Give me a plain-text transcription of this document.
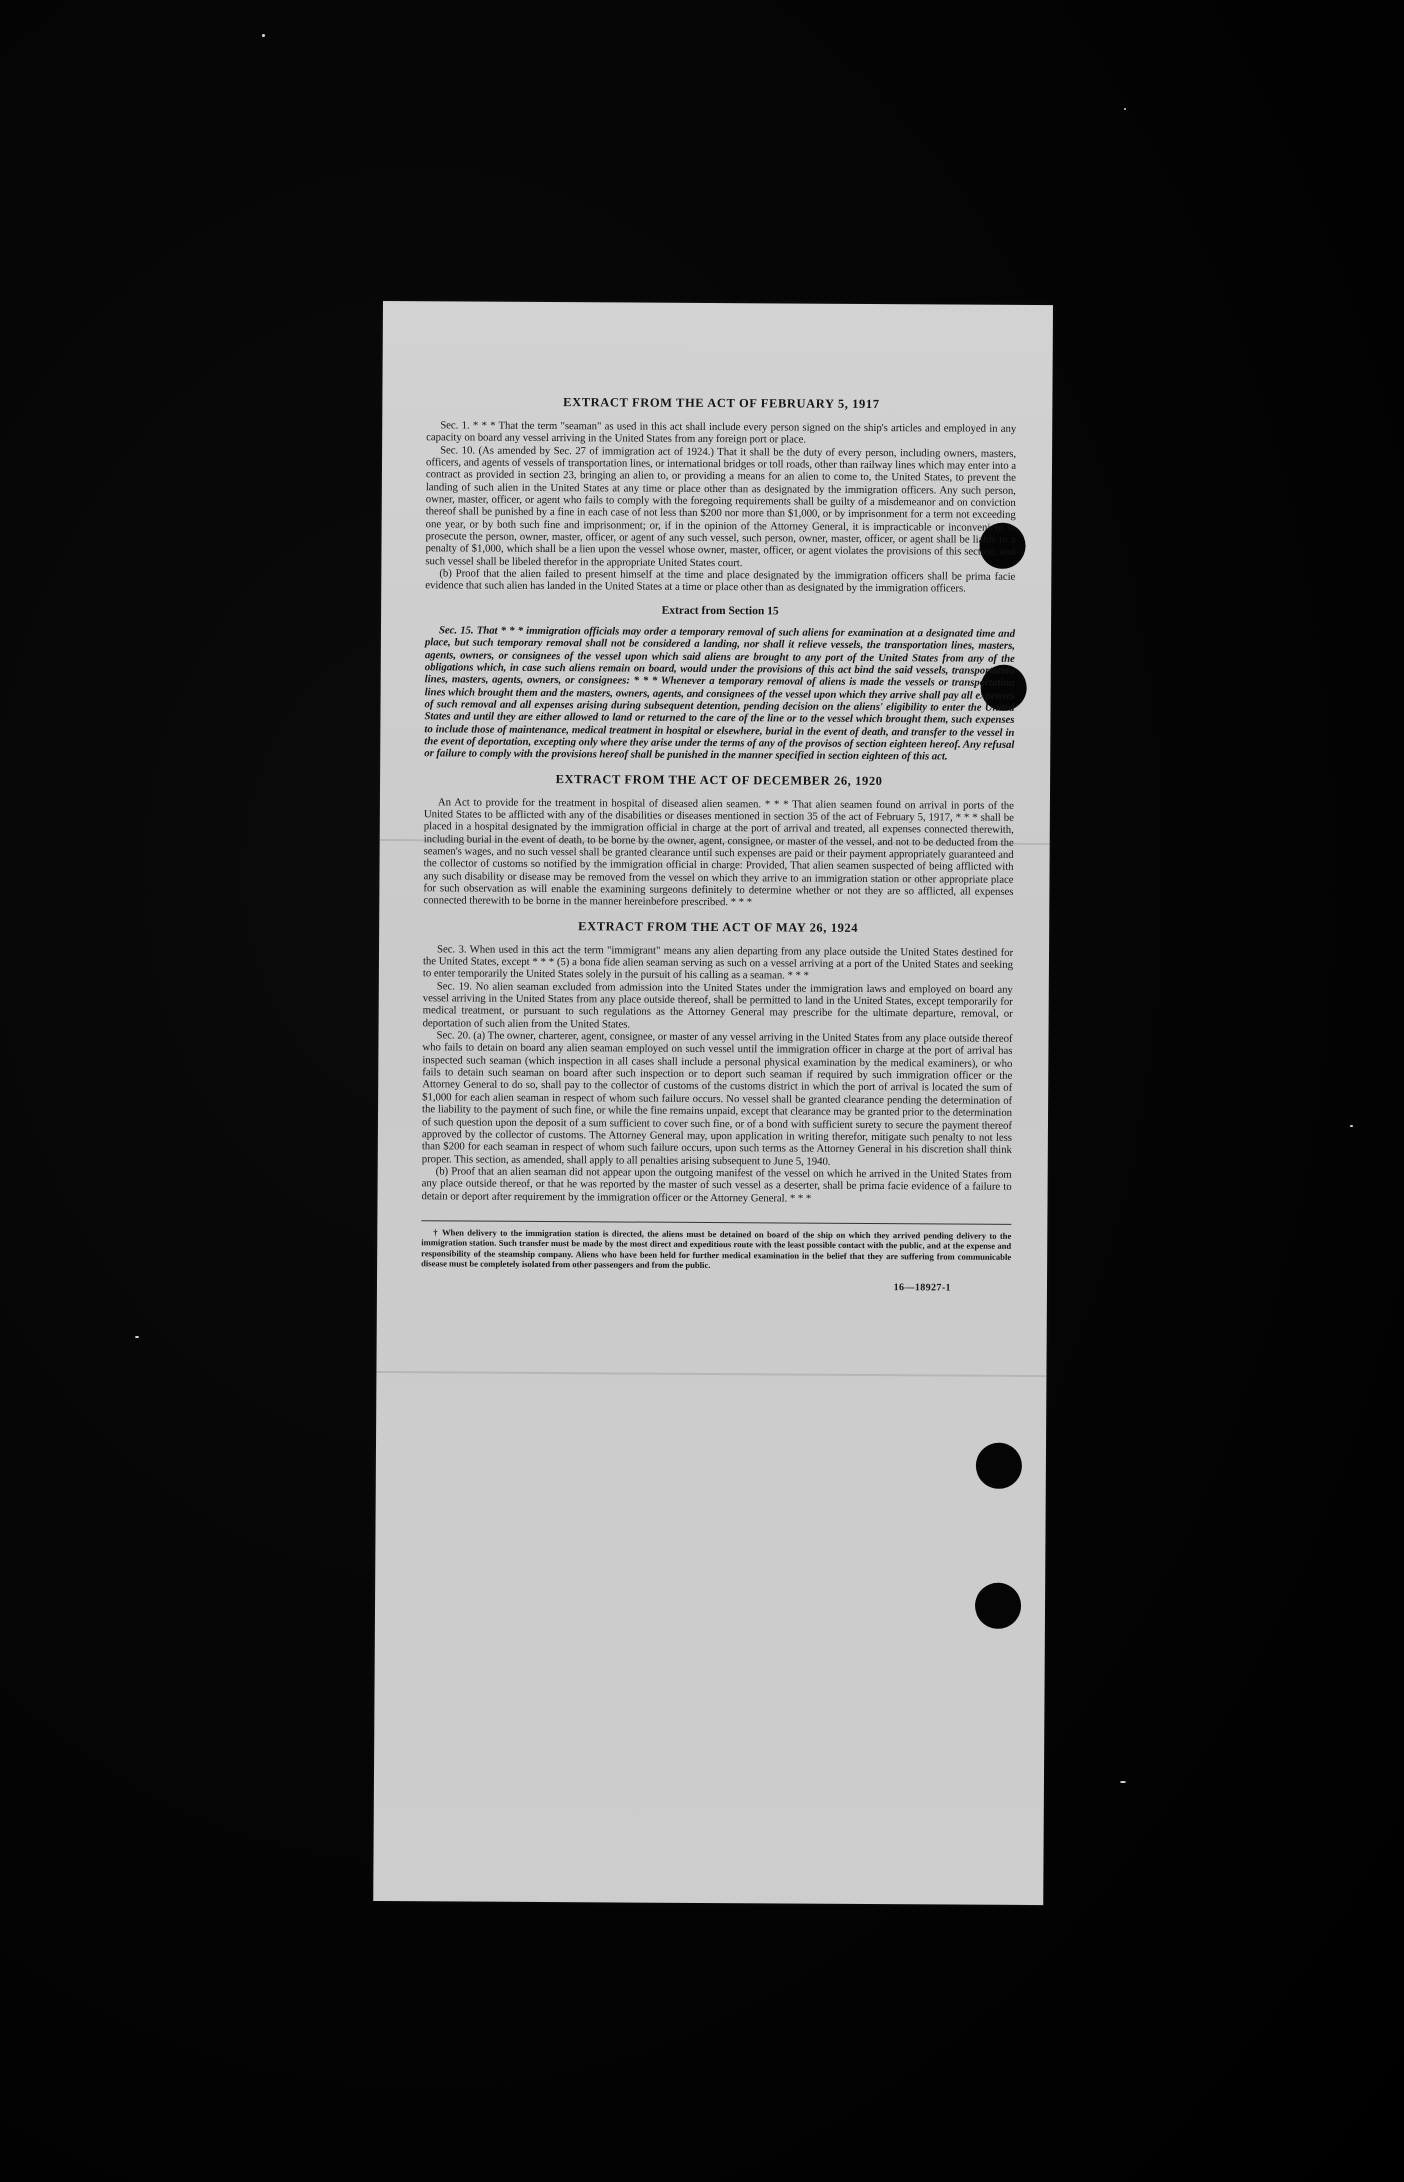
EXTRACT FROM THE ACT OF FEBRUARY 5, 1917

Sec. 1. * * * That the term "seaman" as used in this act shall include every person signed on the ship's articles and employed in any capacity on board any vessel arriving in the United States from any foreign port or place.

Sec. 10. (As amended by Sec. 27 of immigration act of 1924.) That it shall be the duty of every person, including owners, masters, officers, and agents of vessels of transportation lines, or international bridges or toll roads, other than railway lines which may enter into a contract as provided in section 23, bringing an alien to, or providing a means for an alien to come to, the United States, to prevent the landing of such alien in the United States at any time or place other than as designated by the immigration officers. Any such person, owner, master, officer, or agent who fails to comply with the foregoing requirements shall be guilty of a misdemeanor and on conviction thereof shall be punished by a fine in each case of not less than $200 nor more than $1,000, or by imprisonment for a term not exceeding one year, or by both such fine and imprisonment; or, if in the opinion of the Attorney General, it is impracticable or inconvenient to prosecute the person, owner, master, officer, or agent of any such vessel, such person, owner, master, officer, or agent shall be liable to a penalty of $1,000, which shall be a lien upon the vessel whose owner, master, officer, or agent violates the provisions of this section, and such vessel shall be libeled therefor in the appropriate United States court.

(b) Proof that the alien failed to present himself at the time and place designated by the immigration officers shall be prima facie evidence that such alien has landed in the United States at a time or place other than as designated by the immigration officers.

Extract from Section 15

Sec. 15. That * * * immigration officials may order a temporary removal of such aliens for examination at a designated time and place, but such temporary removal shall not be considered a landing, nor shall it relieve vessels, the transportation lines, masters, agents, owners, or consignees of the vessel upon which said aliens are brought to any port of the United States from any of the obligations which, in case such aliens remain on board, would under the provisions of this act bind the said vessels, transportation lines, masters, agents, owners, or consignees: * * * Whenever a temporary removal of aliens is made the vessels or transportation lines which brought them and the masters, owners, agents, and consignees of the vessel upon which they arrive shall pay all expenses of such removal and all expenses arising during subsequent detention, pending decision on the aliens' eligibility to enter the United States and until they are either allowed to land or returned to the care of the line or to the vessel which brought them, such expenses to include those of maintenance, medical treatment in hospital or elsewhere, burial in the event of death, and transfer to the vessel in the event of deportation, excepting only where they arise under the terms of any of the provisos of section eighteen hereof. Any refusal or failure to comply with the provisions hereof shall be punished in the manner specified in section eighteen of this act.

EXTRACT FROM THE ACT OF DECEMBER 26, 1920

An Act to provide for the treatment in hospital of diseased alien seamen. * * * That alien seamen found on arrival in ports of the United States to be afflicted with any of the disabilities or diseases mentioned in section 35 of the act of February 5, 1917, * * * shall be placed in a hospital designated by the immigration official in charge at the port of arrival and treated, all expenses connected therewith, including burial in the event of death, to be borne by the owner, agent, consignee, or master of the vessel, and not to be deducted from the seamen's wages, and no such vessel shall be granted clearance until such expenses are paid or their payment appropriately guaranteed and the collector of customs so notified by the immigration official in charge: Provided, That alien seamen suspected of being afflicted with any such disability or disease may be removed from the vessel on which they arrive to an immigration station or other appropriate place for such observation as will enable the examining surgeons definitely to determine whether or not they are so afflicted, all expenses connected therewith to be borne in the manner hereinbefore prescribed. * * *

EXTRACT FROM THE ACT OF MAY 26, 1924

Sec. 3. When used in this act the term "immigrant" means any alien departing from any place outside the United States destined for the United States, except * * * (5) a bona fide alien seaman serving as such on a vessel arriving at a port of the United States and seeking to enter temporarily the United States solely in the pursuit of his calling as a seaman. * * *

Sec. 19. No alien seaman excluded from admission into the United States under the immigration laws and employed on board any vessel arriving in the United States from any place outside thereof, shall be permitted to land in the United States, except temporarily for medical treatment, or pursuant to such regulations as the Attorney General may prescribe for the ultimate departure, removal, or deportation of such alien from the United States.

Sec. 20. (a) The owner, charterer, agent, consignee, or master of any vessel arriving in the United States from any place outside thereof who fails to detain on board any alien seaman employed on such vessel until the immigration officer in charge at the port of arrival has inspected such seaman (which inspection in all cases shall include a personal physical examination by the medical examiners), or who fails to detain such seaman on board after such inspection or to deport such seaman if required by such immigration officer or the Attorney General to do so, shall pay to the collector of customs of the customs district in which the port of arrival is located the sum of $1,000 for each alien seaman in respect of whom such failure occurs. No vessel shall be granted clearance pending the determination of the liability to the payment of such fine, or while the fine remains unpaid, except that clearance may be granted prior to the determination of such question upon the deposit of a sum sufficient to cover such fine, or of a bond with sufficient surety to secure the payment thereof approved by the collector of customs. The Attorney General may, upon application in writing therefor, mitigate such penalty to not less than $200 for each seaman in respect of whom such failure occurs, upon such terms as the Attorney General in his discretion shall think proper. This section, as amended, shall apply to all penalties arising subsequent to June 5, 1940.

(b) Proof that an alien seaman did not appear upon the outgoing manifest of the vessel on which he arrived in the United States from any place outside thereof, or that he was reported by the master of such vessel as a deserter, shall be prima facie evidence of a failure to detain or deport after requirement by the immigration officer or the Attorney General. * * *

† When delivery to the immigration station is directed, the aliens must be detained on board of the ship on which they arrived pending delivery to the immigration station. Such transfer must be made by the most direct and expeditious route with the least possible contact with the public, and at the expense and responsibility of the steamship company. Aliens who have been held for further medical examination in the belief that they are suffering from communicable disease must be completely isolated from other passengers and from the public.
16—18927-1
